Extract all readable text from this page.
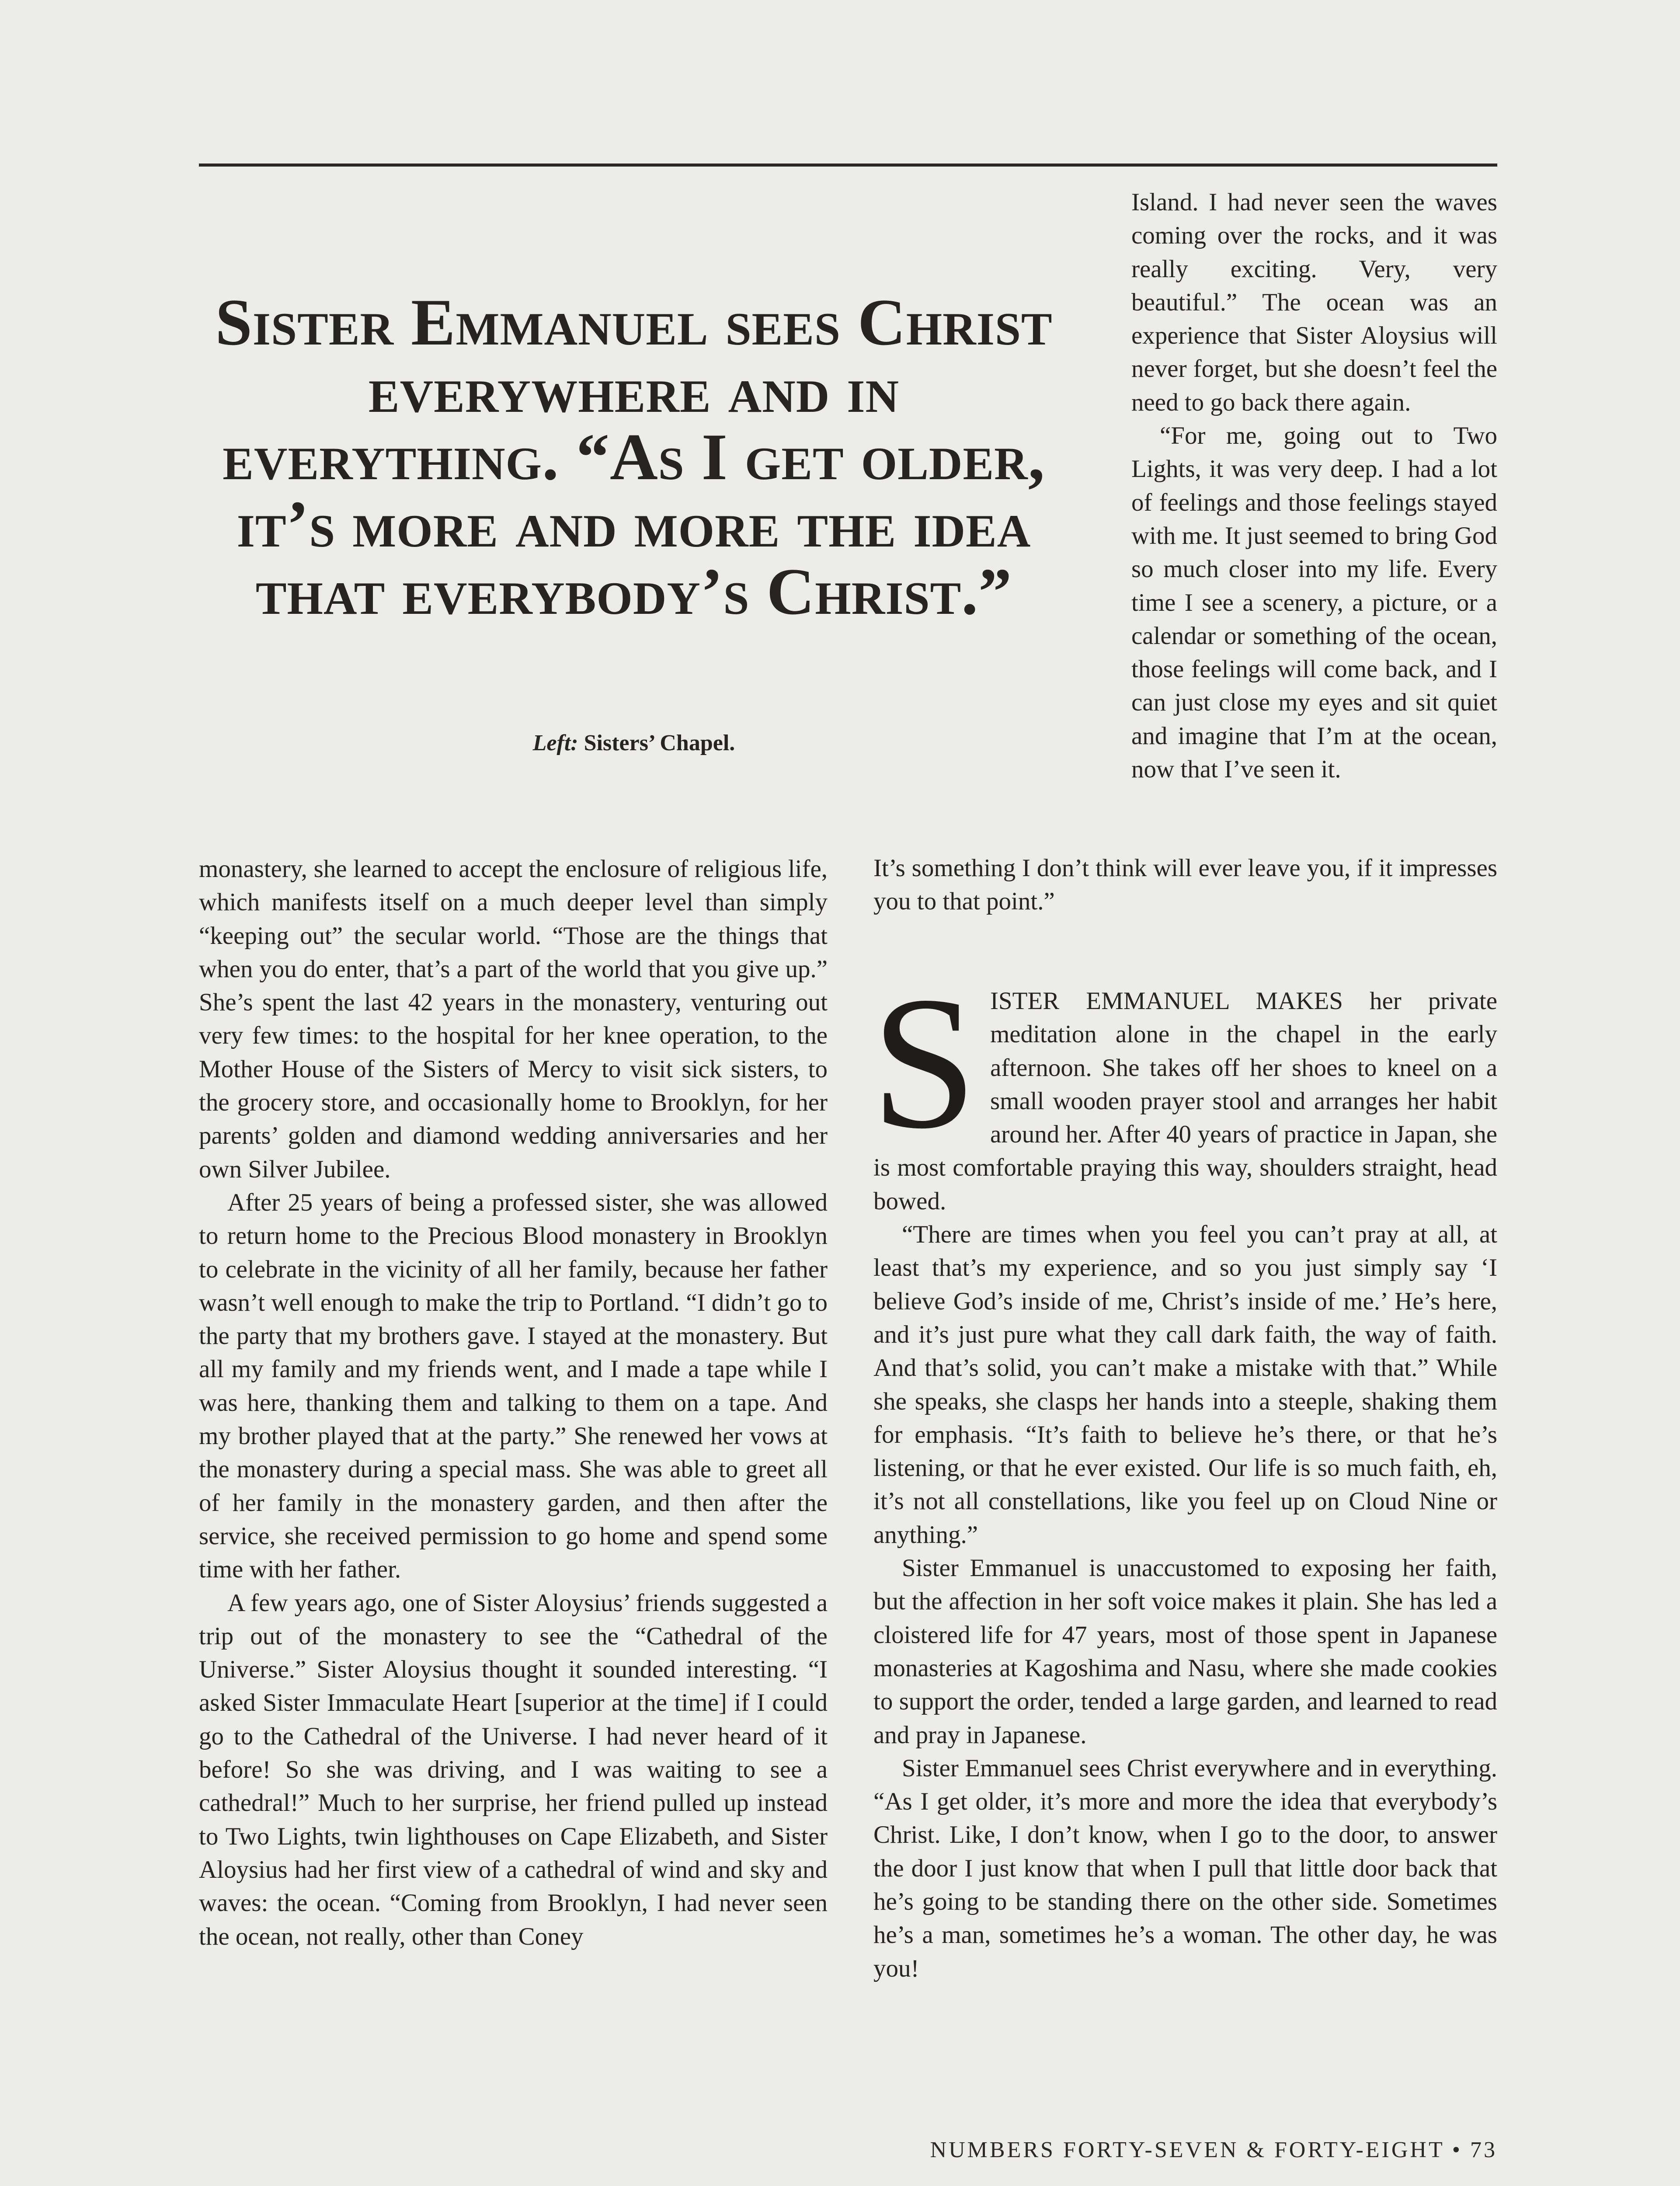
Sister Emmanuel sees Christ everywhere and in everything. “As I get older, it’s more and more the idea that everybody’s Christ.”
Left: Sisters’ Chapel.

monastery, she learned to accept the enclosure of religious life, which manifests itself on a much deeper level than simply “keeping out” the secular world. “Those are the things that when you do enter, that’s a part of the world that you give up.” She’s spent the last 42 years in the monastery, venturing out very few times: to the hospital for her knee operation, to the Mother House of the Sisters of Mercy to visit sick sisters, to the grocery store, and occasionally home to Brooklyn, for her parents’ golden and diamond wedding anniversaries and her own Silver Jubilee.

After 25 years of being a professed sister, she was allowed to return home to the Precious Blood monastery in Brooklyn to celebrate in the vicinity of all her family, because her father wasn’t well enough to make the trip to Portland. “I didn’t go to the party that my brothers gave. I stayed at the monastery. But all my family and my friends went, and I made a tape while I was here, thanking them and talking to them on a tape. And my brother played that at the party.” She renewed her vows at the monastery during a special mass. She was able to greet all of her family in the monastery garden, and then after the service, she received permission to go home and spend some time with her father.

A few years ago, one of Sister Aloysius’ friends suggested a trip out of the monastery to see the “Cathedral of the Universe.” Sister Aloysius thought it sounded interesting. “I asked Sister Immaculate Heart [superior at the time] if I could go to the Cathedral of the Universe. I had never heard of it before! So she was driving, and I was waiting to see a cathedral!” Much to her surprise, her friend pulled up instead to Two Lights, twin lighthouses on Cape Elizabeth, and Sister Aloysius had her first view of a cathedral of wind and sky and waves: the ocean. “Coming from Brooklyn, I had never seen the ocean, not really, other than Coney

Island. I had never seen the waves coming over the rocks, and it was really exciting. Very, very beautiful.” The ocean was an experience that Sister Aloysius will never forget, but she doesn’t feel the need to go back there again.

“For me, going out to Two Lights, it was very deep. I had a lot of feelings and those feelings stayed with me. It just seemed to bring God so much closer into my life. Every time I see a scenery, a picture, or a calendar or something of the ocean, those feelings will come back, and I can just close my eyes and sit quiet and imagine that I’m at the ocean, now that I’ve seen it.

It’s something I don’t think will ever leave you, if it impresses you to that point.”

SISTER EMMANUEL MAKES her private meditation alone in the chapel in the early afternoon. She takes off her shoes to kneel on a small wooden prayer stool and arranges her habit around her. After 40 years of practice in Japan, she is most comfortable praying this way, shoulders straight, head bowed.

“There are times when you feel you can’t pray at all, at least that’s my experience, and so you just simply say ‘I believe God’s inside of me, Christ’s inside of me.’ He’s here, and it’s just pure what they call dark faith, the way of faith. And that’s solid, you can’t make a mistake with that.” While she speaks, she clasps her hands into a steeple, shaking them for emphasis. “It’s faith to believe he’s there, or that he’s listening, or that he ever existed. Our life is so much faith, eh, it’s not all constellations, like you feel up on Cloud Nine or anything.”

Sister Emmanuel is unaccustomed to exposing her faith, but the affection in her soft voice makes it plain. She has led a cloistered life for 47 years, most of those spent in Japanese monasteries at Kagoshima and Nasu, where she made cookies to support the order, tended a large garden, and learned to read and pray in Japanese.

Sister Emmanuel sees Christ everywhere and in everything. “As I get older, it’s more and more the idea that everybody’s Christ. Like, I don’t know, when I go to the door, to answer the door I just know that when I pull that little door back that he’s going to be standing there on the other side. Sometimes he’s a man, sometimes he’s a woman. The other day, he was you!

NUMBERS FORTY-SEVEN & FORTY-EIGHT • 73
